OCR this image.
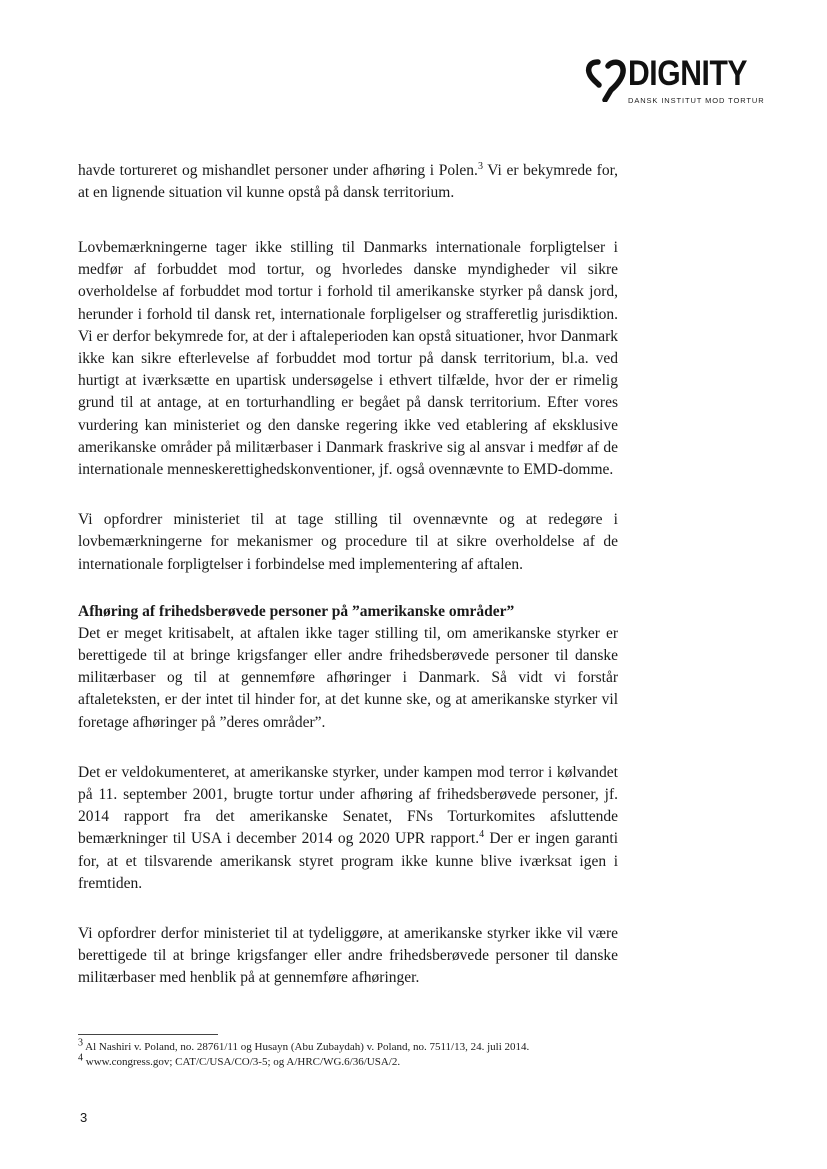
DIGNITY
DANSK INSTITUT MOD TORTUR

havde tortureret og mishandlet personer under afhøring i Polen.$^3$ Vi er bekymrede for, at en lignende situation vil kunne opstå på dansk territorium.

Lovbemærkningerne tager ikke stilling til Danmarks internationale forpligtelser i medfør af forbuddet mod tortur, og hvorledes danske myndigheder vil sikre overholdelse af forbuddet mod tortur i forhold til amerikanske styrker på dansk jord, herunder i forhold til dansk ret, internationale forpligelser og strafferetlig jurisdiktion. Vi er derfor bekymrede for, at der i aftaleperioden kan opstå situationer, hvor Danmark ikke kan sikre efterlevelse af forbuddet mod tortur på dansk territorium, bl.a. ved hurtigt at iværksætte en upartisk undersøgelse i ethvert tilfælde, hvor der er rimelig grund til at antage, at en torturhandling er begået på dansk territorium. Efter vores vurdering kan ministeriet og den danske regering ikke ved etablering af eksklusive amerikanske områder på militærbaser i Danmark fraskrive sig al ansvar i medfør af de internationale menneskerettighedskonventioner, jf. også ovennævnte to EMD-domme.

Vi opfordrer ministeriet til at tage stilling til ovennævnte og at redegøre i lovbemærkningerne for mekanismer og procedure til at sikre overholdelse af de internationale forpligtelser i forbindelse med implementering af aftalen.

Afhøring af frihedsberøvede personer på ”amerikanske områder”

Det er meget kritisabelt, at aftalen ikke tager stilling til, om amerikanske styrker er berettigede til at bringe krigsfanger eller andre frihedsberøvede personer til danske militærbaser og til at gennemføre afhøringer i Danmark. Så vidt vi forstår aftaleteksten, er der intet til hinder for, at det kunne ske, og at amerikanske styrker vil foretage afhøringer på ”deres områder”.

Det er veldokumenteret, at amerikanske styrker, under kampen mod terror i kølvandet på 11. september 2001, brugte tortur under afhøring af frihedsberøvede personer, jf. 2014 rapport fra det amerikanske Senatet, FNs Torturkomites afsluttende bemærkninger til USA i december 2014 og 2020 UPR rapport.$^4$ Der er ingen garanti for, at et tilsvarende amerikansk styret program ikke kunne blive iværksat igen i fremtiden.

Vi opfordrer derfor ministeriet til at tydeliggøre, at amerikanske styrker ikke vil være berettigede til at bringe krigsfanger eller andre frihedsberøvede personer til danske militærbaser med henblik på at gennemføre afhøringer.

3 Al Nashiri v. Poland, no. 28761/11 og Husayn (Abu Zubaydah) v. Poland, no. 7511/13, 24. juli 2014.
4 www.congress.gov; CAT/C/USA/CO/3-5; og A/HRC/WG.6/36/USA/2.
3
